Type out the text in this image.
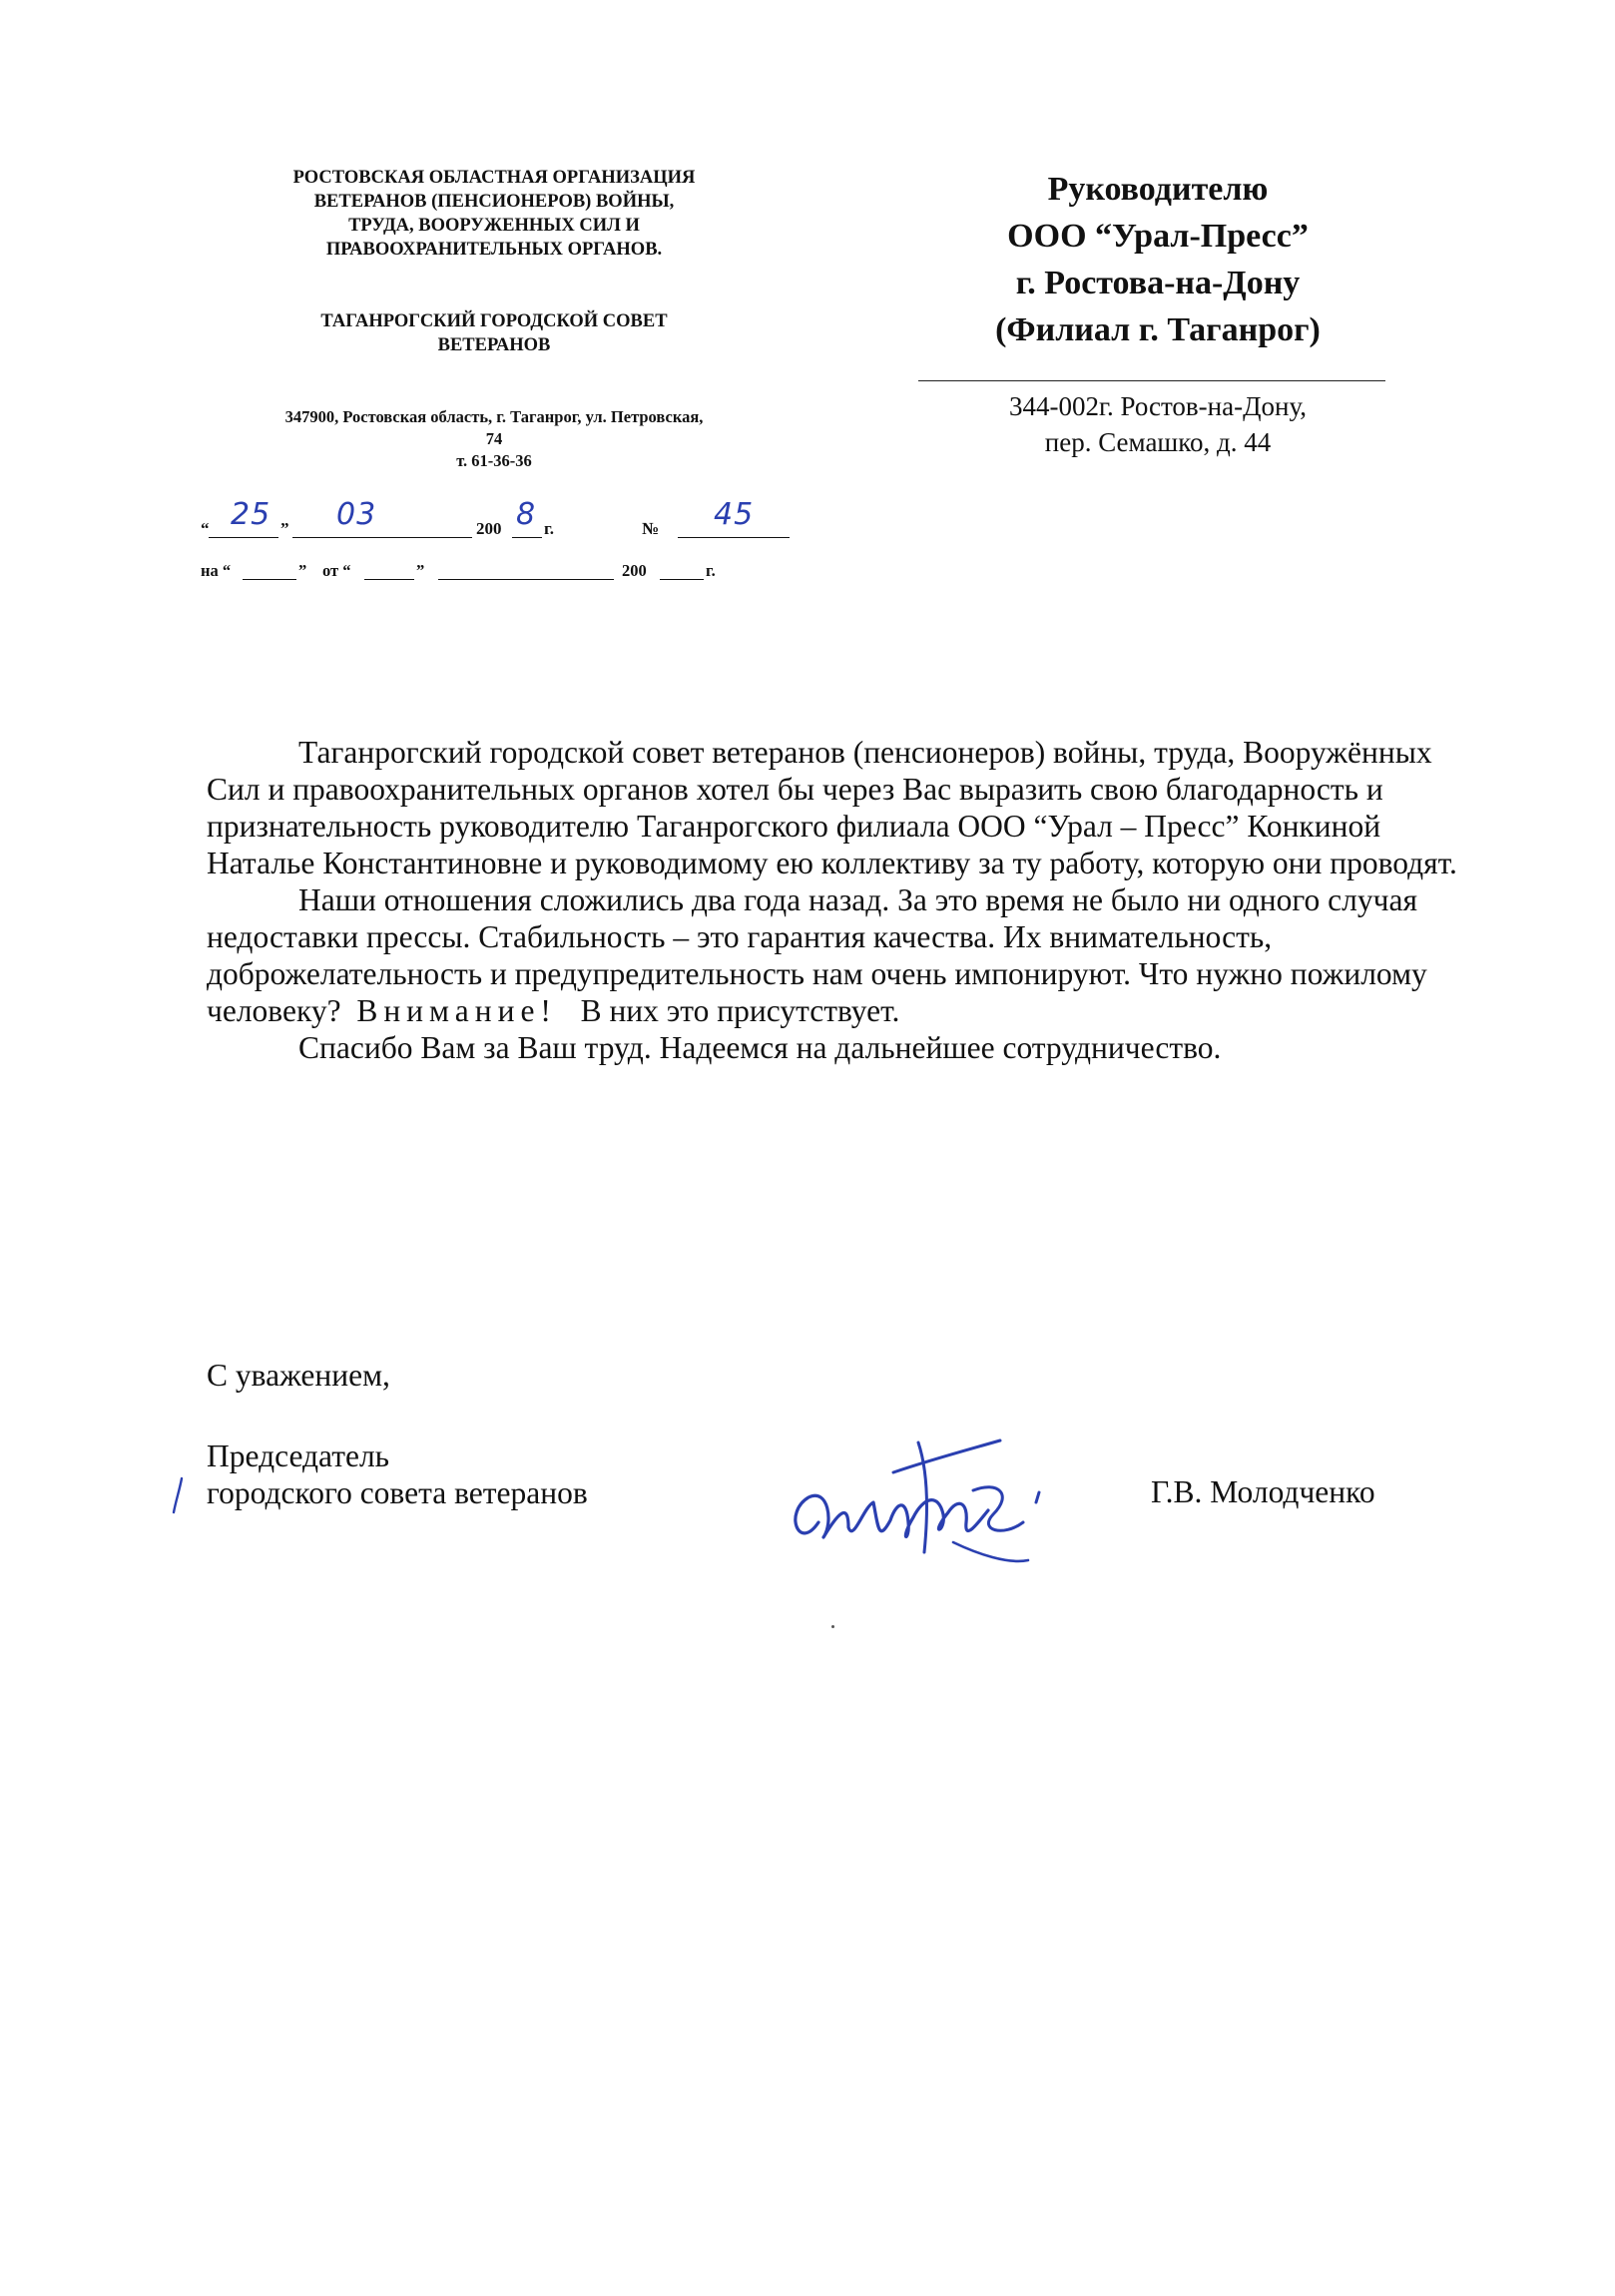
РОСТОВСКАЯ ОБЛАСТНАЯ ОРГАНИЗАЦИЯ
ВЕТЕРАНОВ (ПЕНСИОНЕРОВ) ВОЙНЫ,
ТРУДА, ВООРУЖЕННЫХ СИЛ И
ПРАВООХРАНИТЕЛЬНЫХ ОРГАНОВ.
ТАГАНРОГСКИЙ ГОРОДСКОЙ СОВЕТ
ВЕТЕРАНОВ
347900, Ростовская область, г. Таганрог, ул. Петровская,
74
т. 61-36-36
“ 25 ” 03	200 8 г.	№ 45
на “	” от “	”	200	г.
Руководителю
ООО “Урал-Пресс”
г. Ростова-на-Дону
(Филиал г. Таганрог)
344-002г. Ростов-на-Дону,
пер. Семашко, д. 44

Таганрогский городской совет ветеранов (пенсионеров) войны, труда, Вооружённых Сил и правоохранительных органов хотел бы через Вас выразить свою благодарность и признательность руководителю Таганрогского филиала ООО “Урал – Пресс” Конкиной Наталье Константиновне и руководимому ею коллективу за ту работу, которую они проводят.

Наши отношения сложились два года назад. За это время не было ни одного случая недоставки прессы. Стабильность – это гарантия качества. Их внимательность, доброжелательность и предупредительность нам очень импонируют. Что нужно пожилому человеку? Внимание! В них это присутствует.

Спасибо Вам за Ваш труд. Надеемся на дальнейшее сотрудничество.

С уважением,
Председатель
городского совета ветеранов	Г.В. Молодченко
